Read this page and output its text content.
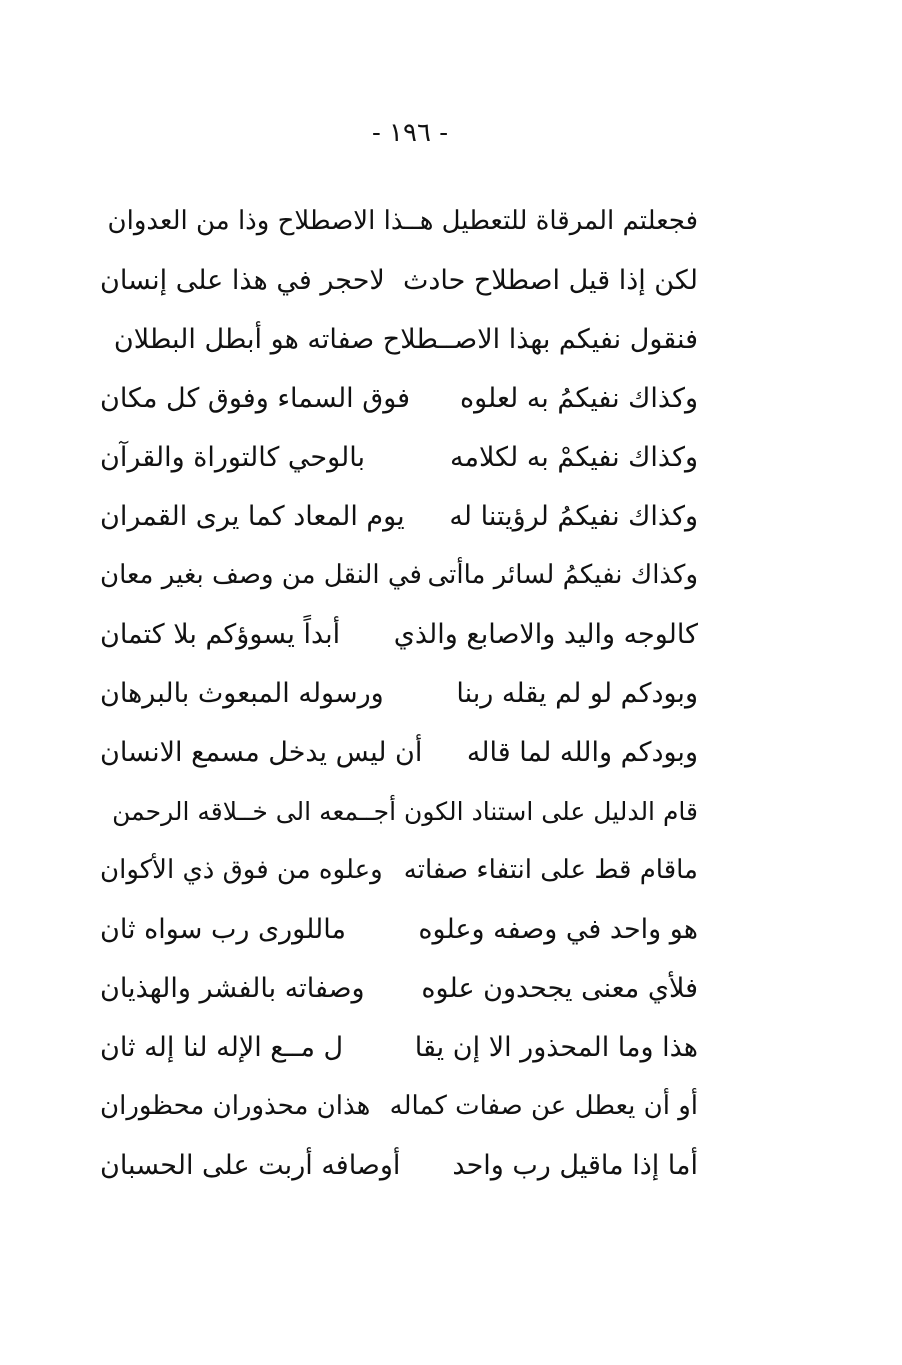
- ١٩٦ -
فجعلتم المرقاة للتعطيل هــذا الاصطلاح وذا من العدوان
لكن إذا قيل اصطلاح حادث
لاحجر في هذا على إنسان
فنقول نفيكم بهذا الاصــطلاح صفاته هو أبطل البطلان
وكذاك نفيكمُ به لعلوه
فوق السماء وفوق كل مكان
وكذاك نفيكمْ به لكلامه
بالوحي كالتوراة والقرآن
وكذاك نفيكمُ لرؤيتنا له
يوم المعاد كما يرى القمران
وكذاك نفيكمُ لسائر ماأتى
في النقل من وصف بغير معان
كالوجه واليد والاصابع والذي
أبداً يسوؤكم بلا كتمان
وبودكم لو لم يقله ربنا
ورسوله المبعوث بالبرهان
وبودكم والله لما قاله
أن ليس يدخل مسمع الانسان
قام الدليل على استناد الكون أجــمعه الى خــلاقه الرحمن
ماقام قط على انتفاء صفاته
وعلوه من فوق ذي الأكوان
هو واحد في وصفه وعلوه
ماللورى رب سواه ثان
فلأي معنى يجحدون علوه
وصفاته بالفشر والهذيان
هذا وما المحذور الا إن يقا
ل مــع الإله لنا إله ثان
أو أن يعطل عن صفات كماله
هذان محذوران محظوران
أما إذا ماقيل رب واحد
أوصافه أربت على الحسبان
